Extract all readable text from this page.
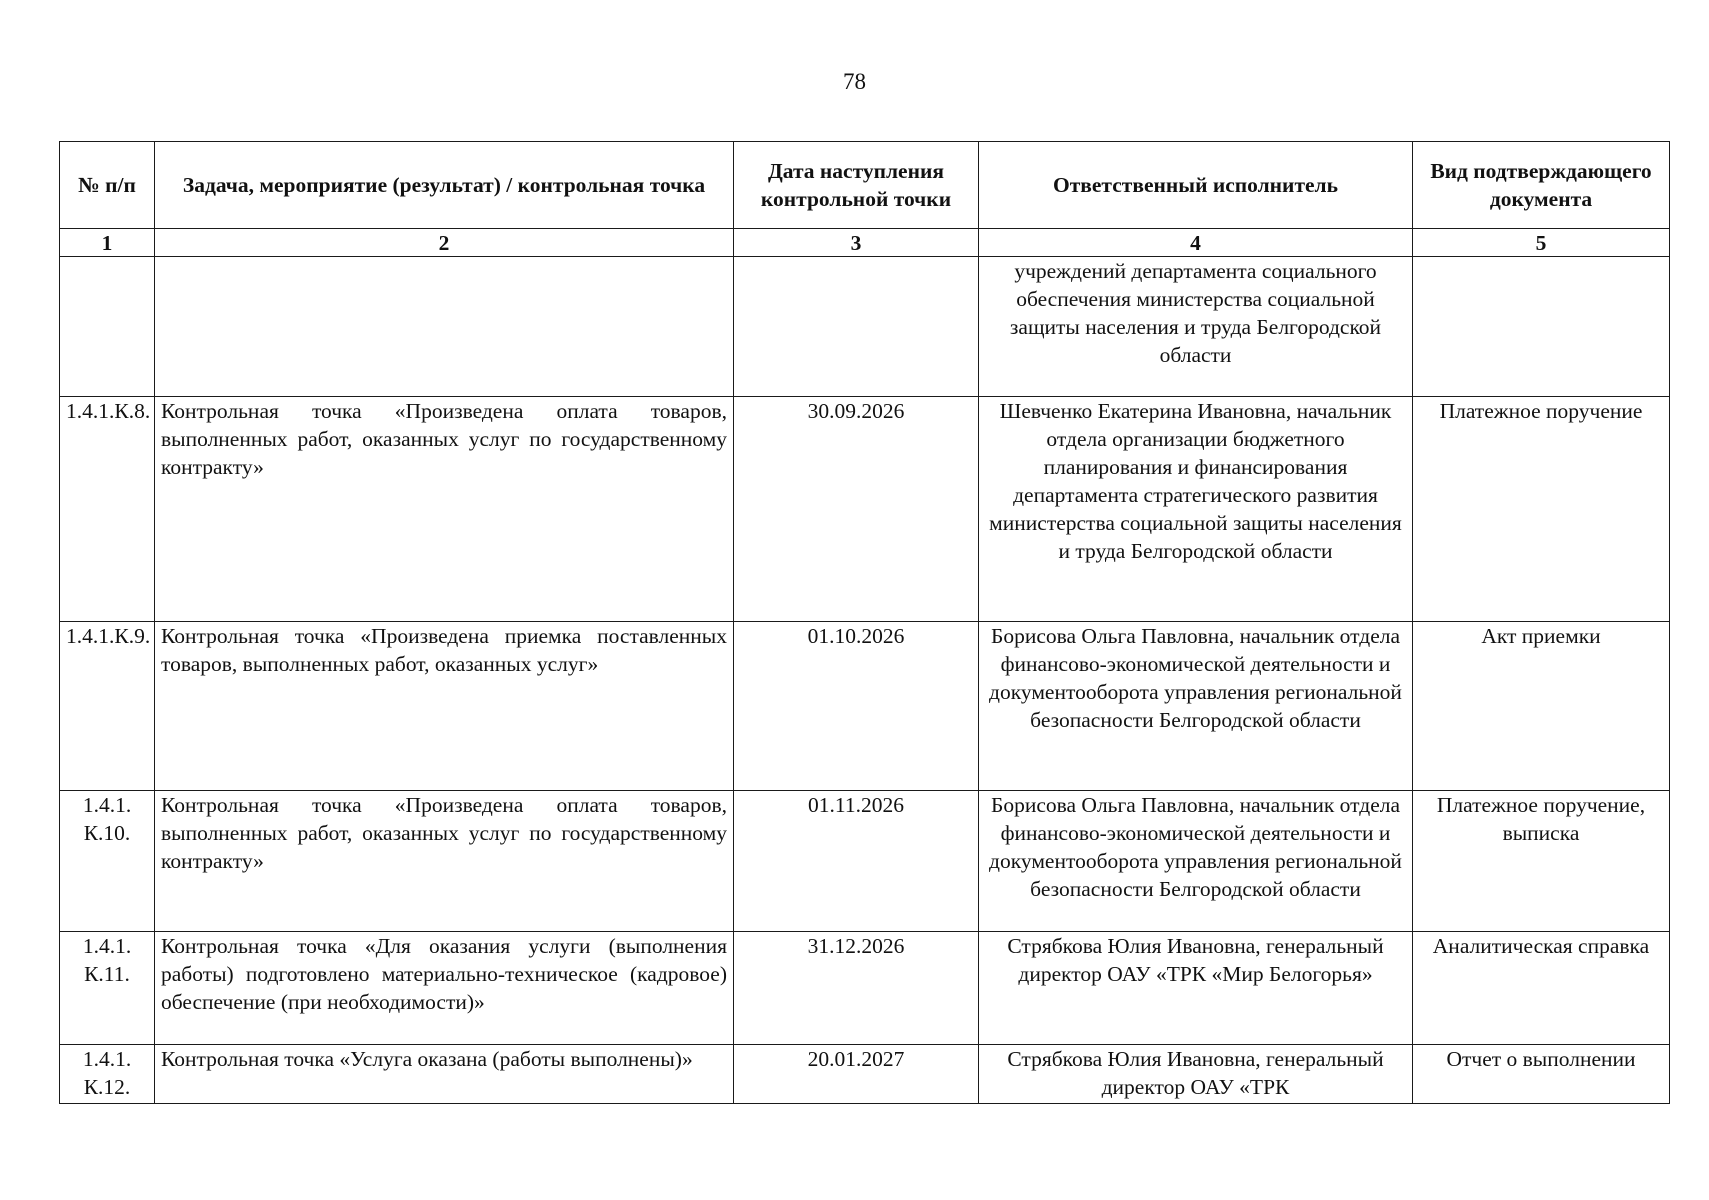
78
№ п/п	Задача, мероприятие (результат) / контрольная точка	Дата наступления контрольной точки	Ответственный исполнитель	Вид подтверждающего документа
1	2	3	4	5
			учреждений департамента социального обеспечения министерства социальной защиты населения и труда Белгородской области	
1.4.1.К.8.	Контрольная точка «Произведена оплата товаров, выполненных работ, оказанных услуг по государственному контракту»	30.09.2026	Шевченко Екатерина Ивановна, начальник отдела организации бюджетного планирования и финансирования департамента стратегического развития министерства социальной защиты населения и труда Белгородской области	Платежное поручение
1.4.1.К.9.	Контрольная точка «Произведена приемка поставленных товаров, выполненных работ, оказанных услуг»	01.10.2026	Борисова Ольга Павловна, начальник отдела финансово-экономической деятельности и документооборота управления региональной безопасности Белгородской области	Акт приемки
1.4.1. К.10.	Контрольная точка «Произведена оплата товаров, выполненных работ, оказанных услуг по государственному контракту»	01.11.2026	Борисова Ольга Павловна, начальник отдела финансово-экономической деятельности и документооборота управления региональной безопасности Белгородской области	Платежное поручение, выписка
1.4.1. К.11.	Контрольная точка «Для оказания услуги (выполнения работы) подготовлено материально-техническое (кадровое) обеспечение (при необходимости)»	31.12.2026	Стрябкова Юлия Ивановна, генеральный директор ОАУ «ТРК «Мир Белогорья»	Аналитическая справка
1.4.1. К.12.	Контрольная точка «Услуга оказана (работы выполнены)»	20.01.2027	Стрябкова Юлия Ивановна, генеральный директор ОАУ «ТРК	Отчет о выполнении
